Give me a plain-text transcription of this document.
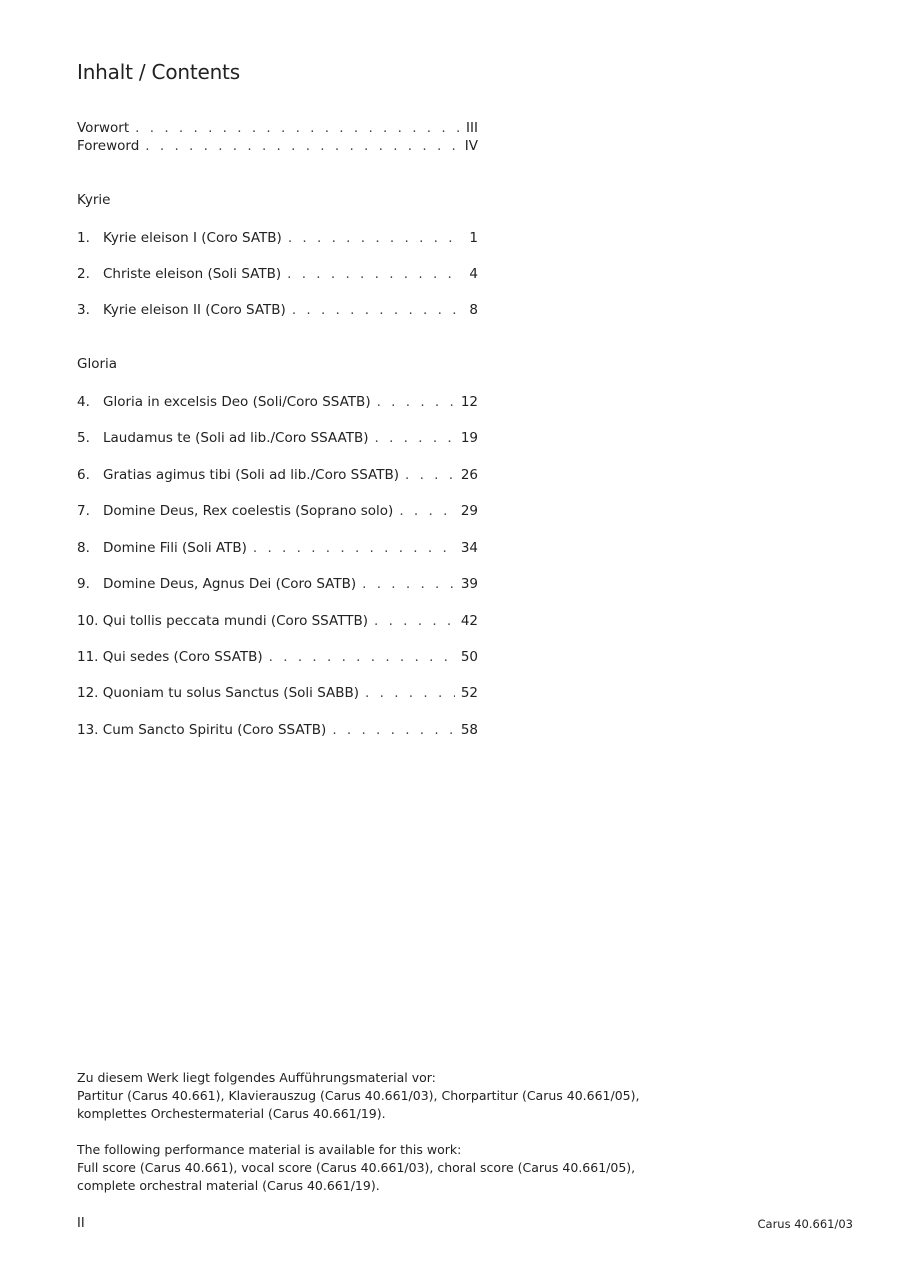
Inhalt / Contents
Vorwort . . .	III
Foreword . . .	IV
Kyrie
1. Kyrie eleison I (Coro SATB) . . .	1
2. Christe eleison (Soli SATB) . . .	4
3. Kyrie eleison II (Coro SATB) . . .	8
Gloria
4. Gloria in excelsis Deo (Soli/Coro SSATB) . . .	12
5. Laudamus te (Soli ad lib./Coro SSAATB) . . .	19
6. Gratias agimus tibi (Soli ad lib./Coro SSATB) . . .	26
7. Domine Deus, Rex coelestis (Soprano solo) . . .	29
8. Domine Fili (Soli ATB) . . .	34
9. Domine Deus, Agnus Dei (Coro SATB) . . .	39
10. Qui tollis peccata mundi (Coro SSATTB) . . .	42
11. Qui sedes (Coro SSATB) . . .	50
12. Quoniam tu solus Sanctus (Soli SABB) . . .	52
13. Cum Sancto Spiritu (Coro SSATB) . . .	58
Zu diesem Werk liegt folgendes Aufführungsmaterial vor:
Partitur (Carus 40.661), Klavierauszug (Carus 40.661/03), Chorpartitur (Carus 40.661/05),
komplettes Orchestermaterial (Carus 40.661/19).
The following performance material is available for this work:
Full score (Carus 40.661), vocal score (Carus 40.661/03), choral score (Carus 40.661/05),
complete orchestral material (Carus 40.661/19).
II	Carus 40.661/03
